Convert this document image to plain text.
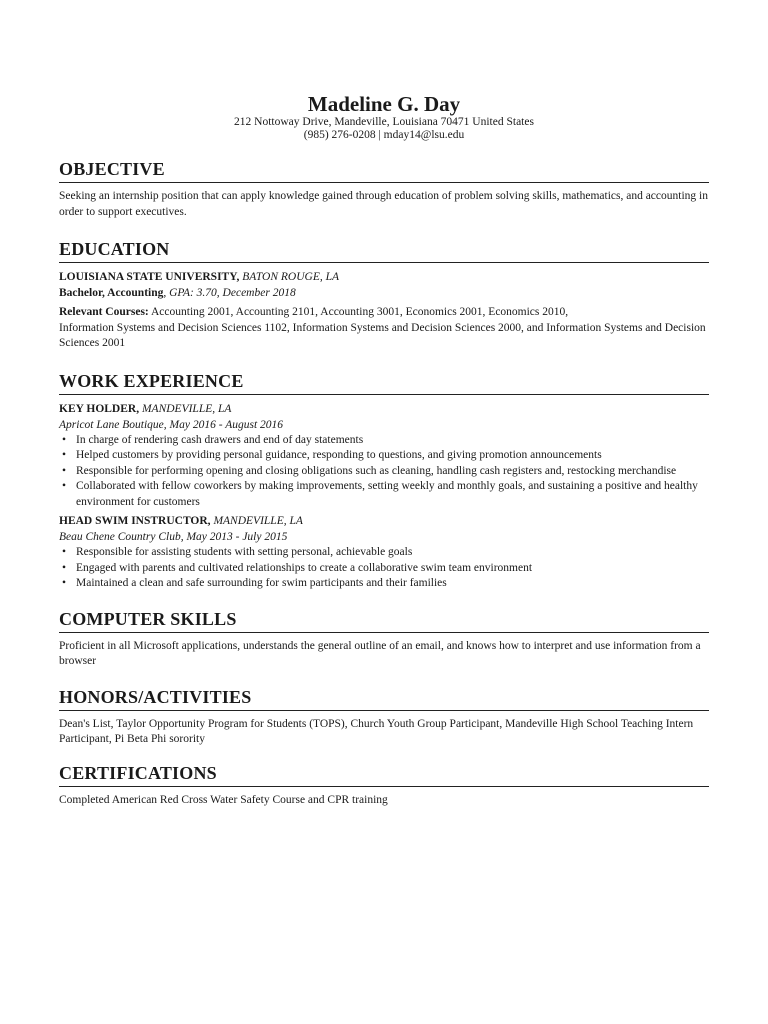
Madeline G. Day
212 Nottoway Drive, Mandeville, Louisiana 70471 United States
(985) 276-0208 | mday14@lsu.edu
OBJECTIVE

Seeking an internship position that can apply knowledge gained through education of problem solving skills, mathematics, and accounting in order to support executives.

EDUCATION

LOUISIANA STATE UNIVERSITY, BATON ROUGE, LA

Bachelor, Accounting, GPA: 3.70, December 2018

Relevant Courses: Accounting 2001, Accounting 2101, Accounting 3001, Economics 2001, Economics 2010,
Information Systems and Decision Sciences 1102, Information Systems and Decision Sciences 2000, and Information Systems and Decision Sciences 2001

WORK EXPERIENCE

KEY HOLDER, MANDEVILLE, LA

Apricot Lane Boutique, May 2016 - August 2016

• In charge of rendering cash drawers and end of day statements
• Helped customers by providing personal guidance, responding to questions, and giving promotion announcements
• Responsible for performing opening and closing obligations such as cleaning, handling cash registers and, restocking merchandise
• Collaborated with fellow coworkers by making improvements, setting weekly and monthly goals, and sustaining a positive and healthy environment for customers

HEAD SWIM INSTRUCTOR, MANDEVILLE, LA

Beau Chene Country Club, May 2013 - July 2015

• Responsible for assisting students with setting personal, achievable goals
• Engaged with parents and cultivated relationships to create a collaborative swim team environment
• Maintained a clean and safe surrounding for swim participants and their families
COMPUTER SKILLS

Proficient in all Microsoft applications, understands the general outline of an email, and knows how to interpret and use information from a browser

HONORS/ACTIVITIES

Dean's List, Taylor Opportunity Program for Students (TOPS), Church Youth Group Participant, Mandeville High School Teaching Intern Participant, Pi Beta Phi sorority

CERTIFICATIONS

Completed American Red Cross Water Safety Course and CPR training
